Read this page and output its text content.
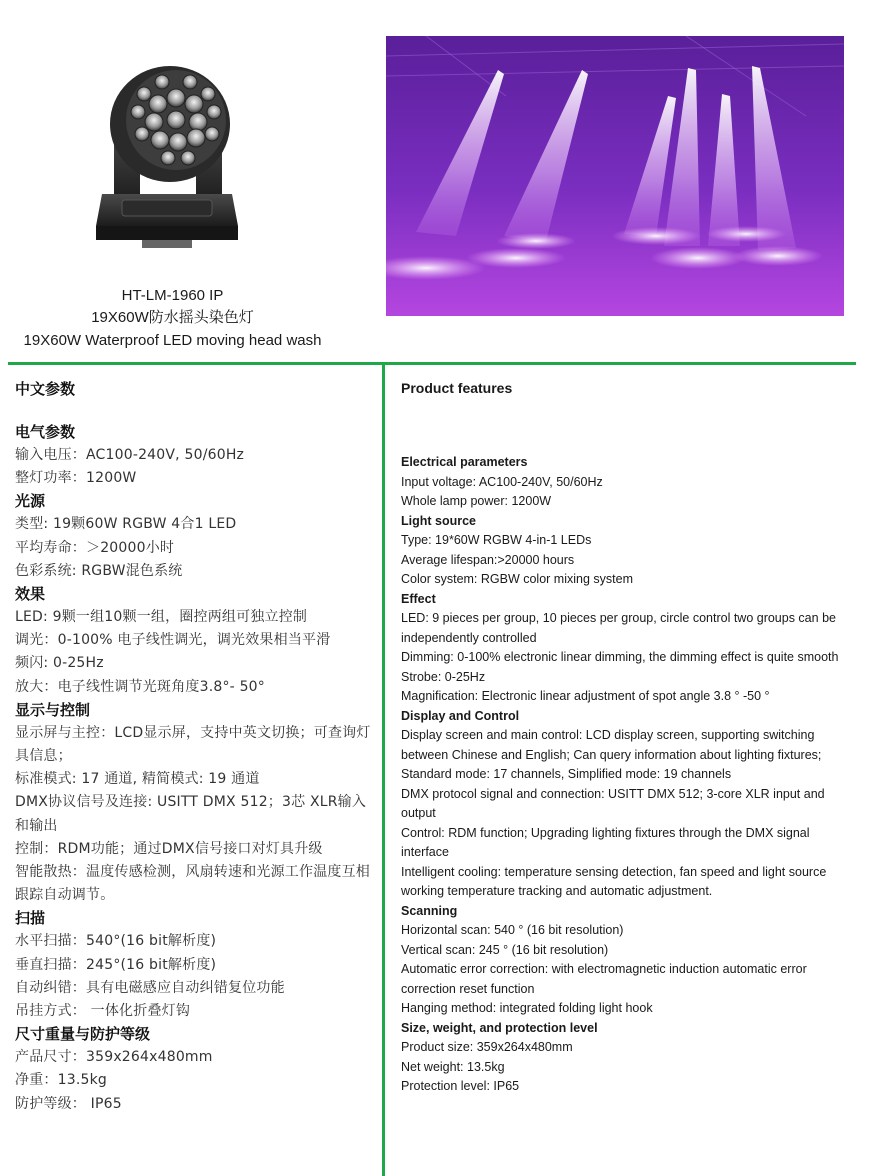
HT-LM-1960 IP
19X60W防水摇头染色灯
19X60W Waterproof LED moving head wash
中文参数
电气参数
输入电压：AC100-240V, 50/60Hz
整灯功率：1200W
光源
类型: 19颗60W RGBW 4合1 LED
平均寿命：＞20000小时
色彩系统: RGBW混色系统
效果
LED: 9颗一组10颗一组，圈控两组可独立控制
调光：0-100% 电子线性调光，调光效果相当平滑
频闪: 0-25Hz
放大：电子线性调节光斑角度3.8°- 50°
显示与控制
显示屏与主控：LCD显示屏，支持中英文切换；可查询灯具信息；
标准模式: 17 通道, 精简模式: 19 通道
DMX协议信号及连接: USITT DMX 512；3芯 XLR输入和输出
控制：RDM功能；通过DMX信号接口对灯具升级
智能散热：温度传感检测，风扇转速和光源工作温度互相跟踪自动调节。
扫描
水平扫描：540°(16 bit解析度)
垂直扫描：245°(16 bit解析度)
自动纠错：具有电磁感应自动纠错复位功能
吊挂方式： 一体化折叠灯钩
尺寸重量与防护等级
产品尺寸：359x264x480mm
净重：13.5kg
防护等级： IP65
Product features
Electrical parameters
Input voltage: AC100-240V, 50/60Hz
Whole lamp power: 1200W
Light source
Type: 19*60W RGBW 4-in-1 LEDs
Average lifespan:>20000 hours
Color system: RGBW color mixing system
Effect
LED: 9 pieces per group, 10 pieces per group, circle control two groups can be independently controlled
Dimming: 0-100% electronic linear dimming, the dimming effect is quite smooth
Strobe: 0-25Hz
Magnification: Electronic linear adjustment of spot angle 3.8 ° -50 °
Display and Control
Display screen and main control: LCD display screen, supporting switching between Chinese and English; Can query information about lighting fixtures;
Standard mode: 17 channels, Simplified mode: 19 channels
DMX protocol signal and connection: USITT DMX 512; 3-core XLR input and output
Control: RDM function; Upgrading lighting fixtures through the DMX signal interface
Intelligent cooling: temperature sensing detection, fan speed and light source working temperature tracking and automatic adjustment.
Scanning
Horizontal scan: 540 ° (16 bit resolution)
Vertical scan: 245 ° (16 bit resolution)
Automatic error correction: with electromagnetic induction automatic error correction reset function
Hanging method: integrated folding light hook
Size, weight, and protection level
Product size: 359x264x480mm
Net weight: 13.5kg
Protection level: IP65
